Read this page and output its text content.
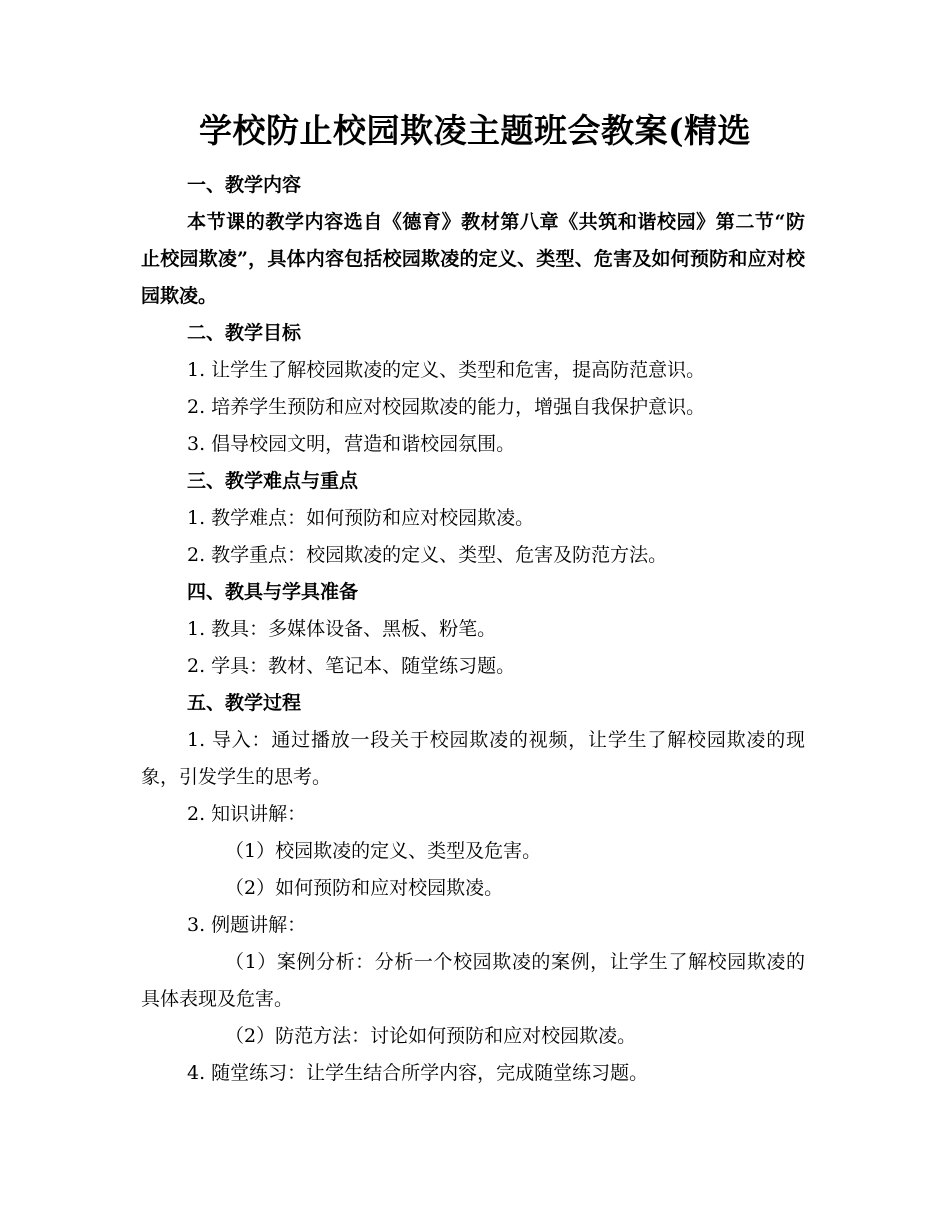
学校防止校园欺凌主题班会教案(精选

一、教学内容

本节课的教学内容选自《德育》教材第八章《共筑和谐校园》第二节“防止校园欺凌”，具体内容包括校园欺凌的定义、类型、危害及如何预防和应对校园欺凌。

二、教学目标

1. 让学生了解校园欺凌的定义、类型和危害，提高防范意识。

2. 培养学生预防和应对校园欺凌的能力，增强自我保护意识。

3. 倡导校园文明，营造和谐校园氛围。

三、教学难点与重点

1. 教学难点：如何预防和应对校园欺凌。

2. 教学重点：校园欺凌的定义、类型、危害及防范方法。

四、教具与学具准备

1. 教具：多媒体设备、黑板、粉笔。

2. 学具：教材、笔记本、随堂练习题。

五、教学过程

1. 导入：通过播放一段关于校园欺凌的视频，让学生了解校园欺凌的现象，引发学生的思考。

2. 知识讲解：

（1）校园欺凌的定义、类型及危害。

（2）如何预防和应对校园欺凌。

3. 例题讲解：

（1）案例分析：分析一个校园欺凌的案例，让学生了解校园欺凌的具体表现及危害。

（2）防范方法：讨论如何预防和应对校园欺凌。

4. 随堂练习：让学生结合所学内容，完成随堂练习题。
